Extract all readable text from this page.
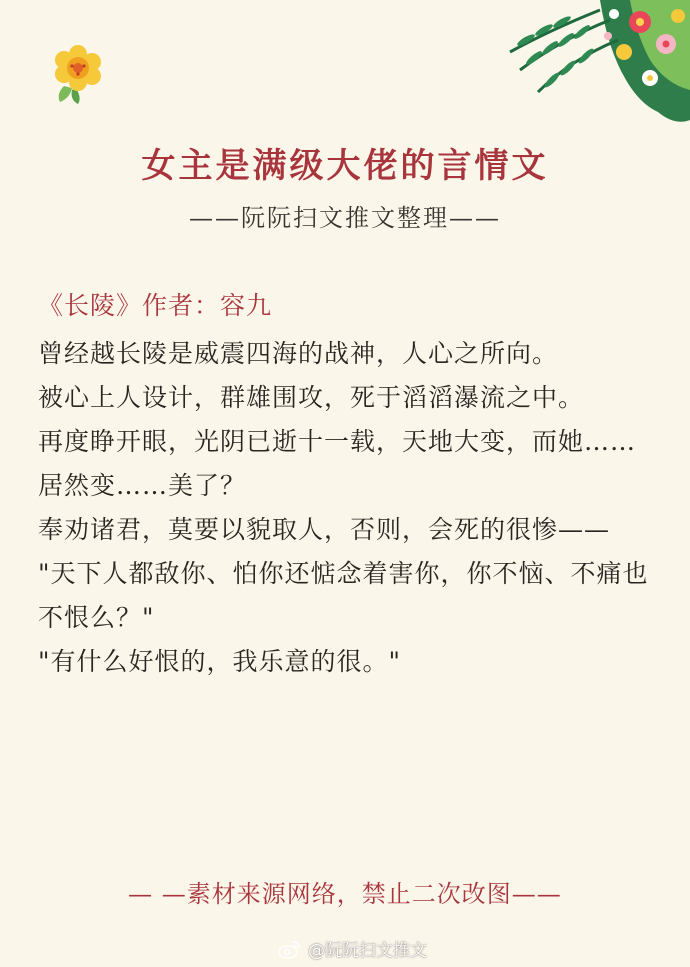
女主是满级大佬的言情文
——阮阮扫文推文整理——
《长陵》作者：容九

曾经越长陵是威震四海的战神，人心之所向。

被心上人设计，群雄围攻，死于滔滔瀑流之中。

再度睁开眼，光阴已逝十一载，天地大变，而她……居然变……美了？

奉劝诸君，莫要以貌取人，否则，会死的很惨——

"天下人都敌你、怕你还惦念着害你，你不恼、不痛也不恨么？"

"有什么好恨的，我乐意的很。"

— —素材来源网络，禁止二次改图——
@阮阮扫文推文
